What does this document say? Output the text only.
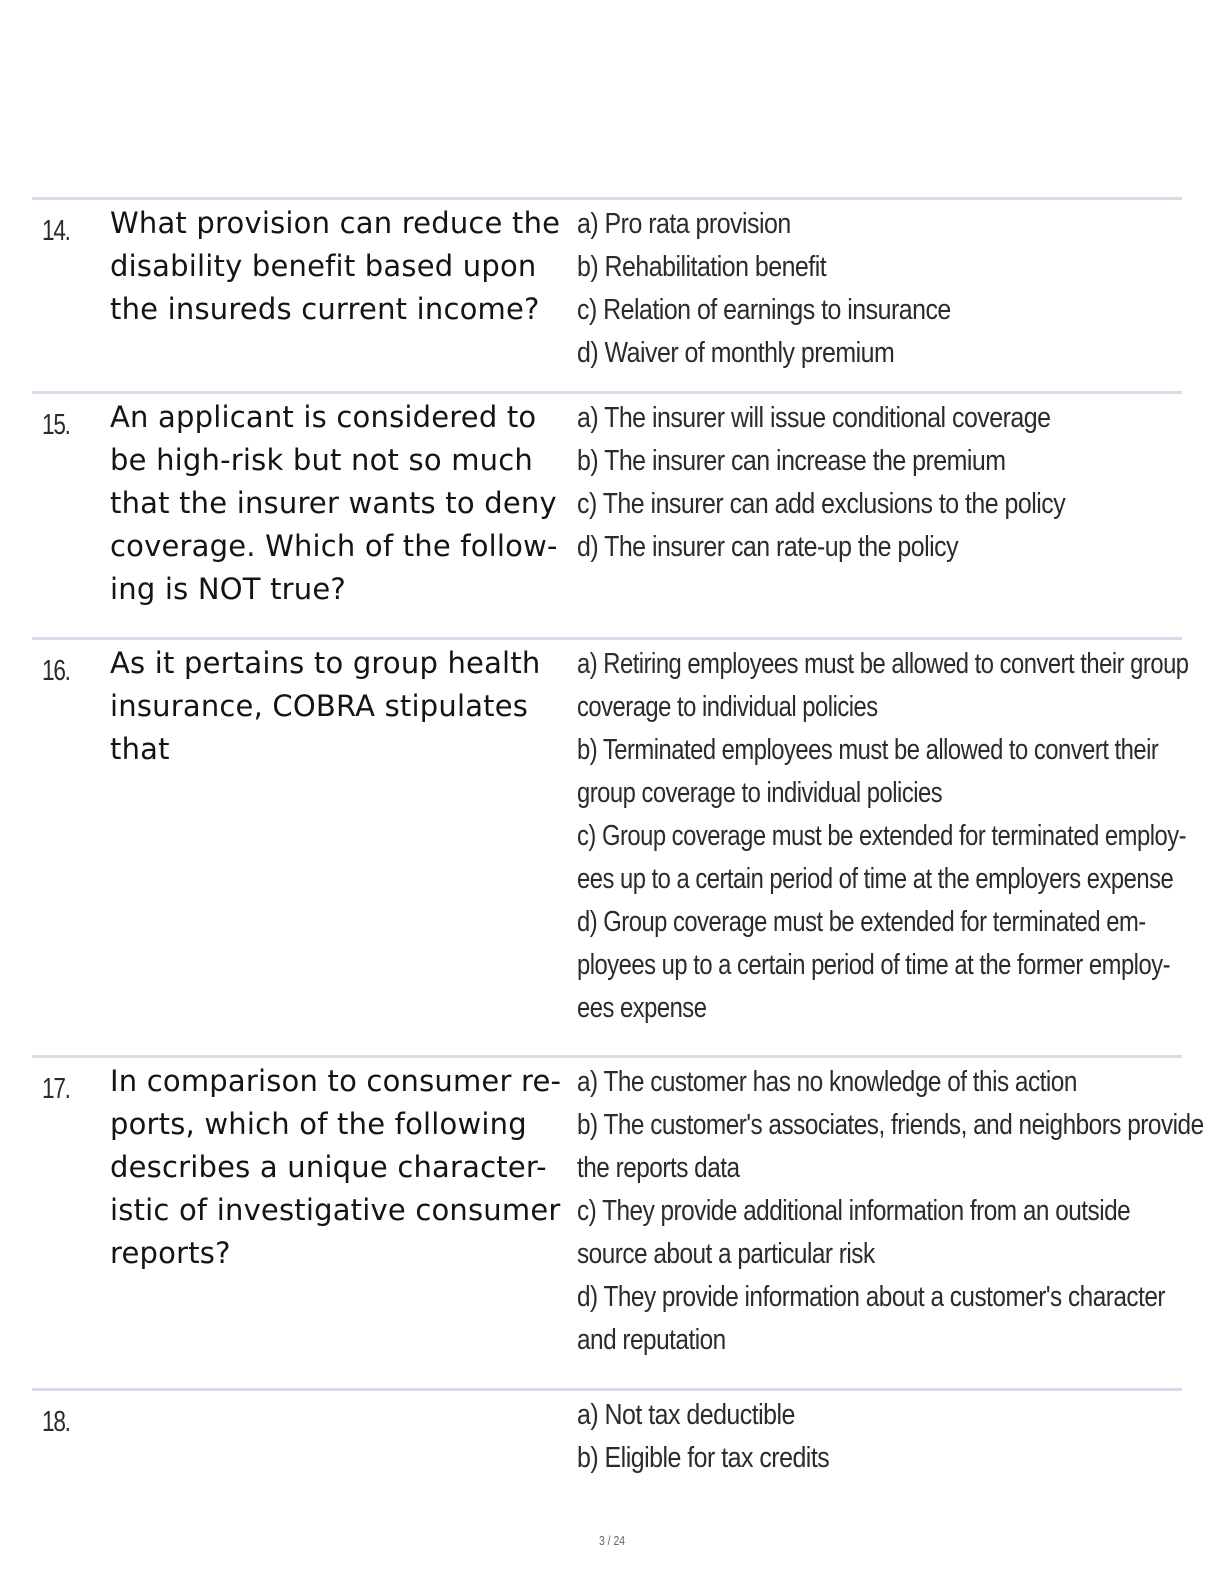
14. What provision can reduce the
disability benefit based upon
the insureds current income?
a) Pro rata provision
b) Rehabilitation benefit
c) Relation of earnings to insurance
d) Waiver of monthly premium
15. An applicant is considered to
be high-risk but not so much
that the insurer wants to deny
coverage. Which of the follow-
ing is NOT true?
a) The insurer will issue conditional coverage
b) The insurer can increase the premium
c) The insurer can add exclusions to the policy
d) The insurer can rate-up the policy
16. As it pertains to group health
insurance, COBRA stipulates
that
a) Retiring employees must be allowed to convert their group
coverage to individual policies
b) Terminated employees must be allowed to convert their
group coverage to individual policies
c) Group coverage must be extended for terminated employ-
ees up to a certain period of time at the employers expense
d) Group coverage must be extended for terminated em-
ployees up to a certain period of time at the former employ-
ees expense
17. In comparison to consumer re-
ports, which of the following
describes a unique character-
istic of investigative consumer
reports?
a) The customer has no knowledge of this action
b) The customer's associates, friends, and neighbors provide
the reports data
c) They provide additional information from an outside
source about a particular risk
d) They provide information about a customer's character
and reputation
18.	a) Not tax deductible
b) Eligible for tax credits
3 / 24
